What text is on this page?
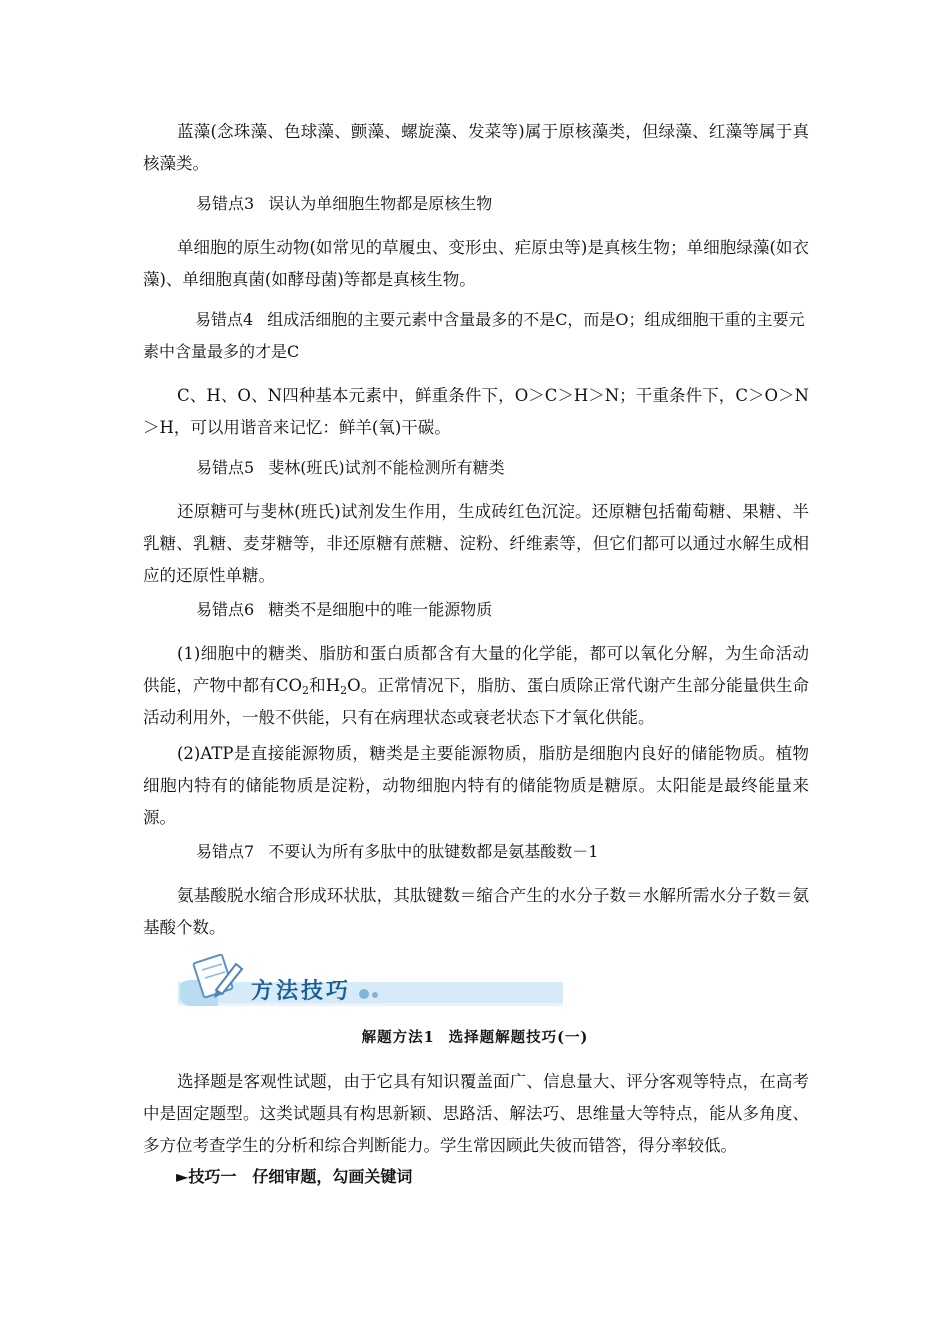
蓝藻(念珠藻、色球藻、颤藻、螺旋藻、发菜等)属于原核藻类，但绿藻、红藻等属于真核藻类。
易错点3 误认为单细胞生物都是原核生物
单细胞的原生动物(如常见的草履虫、变形虫、疟原虫等)是真核生物；单细胞绿藻(如衣藻)、单细胞真菌(如酵母菌)等都是真核生物。
易错点4 组成活细胞的主要元素中含量最多的不是C，而是O；组成细胞干重的主要元素中含量最多的才是C
C、H、O、N四种基本元素中，鲜重条件下，O＞C＞H＞N；干重条件下，C＞O＞N＞H，可以用谐音来记忆：鲜羊(氧)干碳。
易错点5 斐林(班氏)试剂不能检测所有糖类
还原糖可与斐林(班氏)试剂发生作用，生成砖红色沉淀。还原糖包括葡萄糖、果糖、半乳糖、乳糖、麦芽糖等，非还原糖有蔗糖、淀粉、纤维素等，但它们都可以通过水解生成相应的还原性单糖。
易错点6 糖类不是细胞中的唯一能源物质
(1)细胞中的糖类、脂肪和蛋白质都含有大量的化学能，都可以氧化分解，为生命活动供能，产物中都有$CO_2$和$H_2O$。正常情况下，脂肪、蛋白质除正常代谢产生部分能量供生命活动利用外，一般不供能，只有在病理状态或衰老状态下才氧化供能。
(2)ATP是直接能源物质，糖类是主要能源物质，脂肪是细胞内良好的储能物质。植物细胞内特有的储能物质是淀粉，动物细胞内特有的储能物质是糖原。太阳能是最终能量来源。
易错点7 不要认为所有多肽中的肽键数都是氨基酸数－1
氨基酸脱水缩合形成环状肽，其肽键数＝缩合产生的水分子数＝水解所需水分子数＝氨基酸个数。
方法技巧
解题方法1 选择题解题技巧(一)
选择题是客观性试题，由于它具有知识覆盖面广、信息量大、评分客观等特点，在高考中是固定题型。这类试题具有构思新颖、思路活、解法巧、思维量大等特点，能从多角度、多方位考查学生的分析和综合判断能力。学生常因顾此失彼而错答，得分率较低。
►技巧一 仔细审题，勾画关键词
